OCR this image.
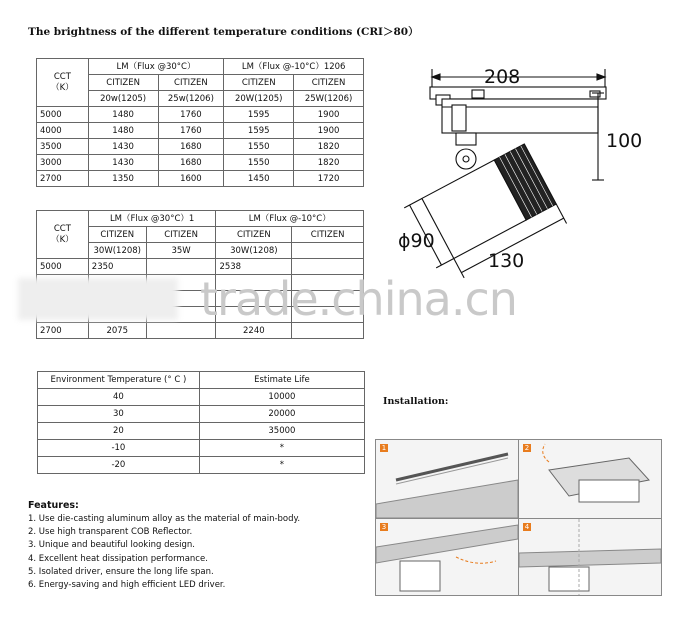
The brightness of the different temperature conditions (CRI＞80）
CCT
（K）	LM（Flux @30°C）		LM（Flux @-10°C）1206	
	CITIZEN	CITIZEN	CITIZEN	CITIZEN
	20w(1205)	25w(1206)	20W(1205)	25W(1206)
5000	1480	1760	1595	1900
4000	1480	1760	1595	1900
3500	1430	1680	1550	1820
3000	1430	1680	1550	1820
2700	1350	1600	1450	1720
CCT
（K）	LM（Flux @30°C）1		LM（Flux @-10°C）	
	CITIZEN	CITIZEN	CITIZEN	CITIZEN
	30W(1208)	35W	30W(1208)	
5000	2350		2538	

2700	2075		2240	
trade.china.cn
Environment Temperature (° C )	Estimate Life
40	10000
30	20000
20	35000
-10	*
-20	*
Features:
1. Use die-casting aluminum alloy as the material of main-body.
2. Use high transparent COB Reflector.
3. Unique and beautiful looking design.
4. Excellent heat dissipation performance.
5. Isolated driver, ensure the long life span.
6. Energy-saving and high efficient LED driver.
208
100
ϕ90
130
Installation:
1	2
3	4
